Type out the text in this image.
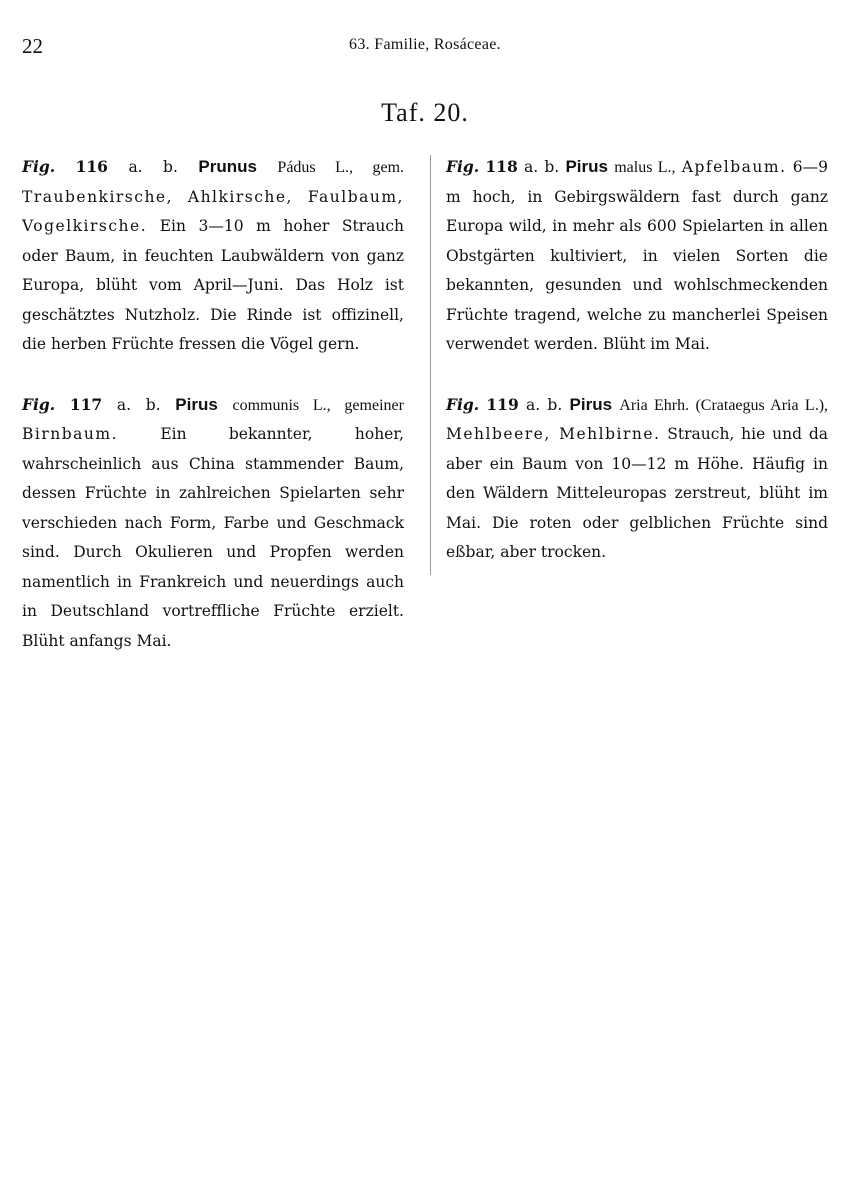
22	63. Familie, Rosáceae.
Taf. 20.

Fig. 116 a. b. Prunus Pádus L., gem. Traubenkirsche, Ahlkirsche, Faulbaum, Vogelkirsche. Ein 3—10 m hoher Strauch oder Baum, in feuchten Laubwäldern von ganz Europa, blüht vom April—Juni. Das Holz ist geschätztes Nutzholz. Die Rinde ist offizinell, die herben Früchte fressen die Vögel gern.

Fig. 117 a. b. Pirus communis L., gemeiner Birnbaum.	Ein bekannter, hoher, wahrscheinlich aus China stammender Baum, dessen Früchte in zahlreichen Spielarten sehr verschieden nach Form, Farbe und Geschmack sind. Durch Okulieren und Propfen werden namentlich in Frankreich und neuerdings auch in Deutschland vortreffliche Früchte erzielt. Blüht anfangs Mai.

Fig. 118 a. b. Pirus malus L., Apfelbaum. 6—9 m hoch, in Gebirgswäldern fast durch ganz Europa wild, in mehr als 600 Spielarten in allen Obstgärten kultiviert, in vielen Sorten die bekannten, gesunden und wohlschmeckenden Früchte tragend, welche zu mancherlei Speisen verwendet werden. Blüht im Mai.

Fig. 119 a. b. Pirus Aria Ehrh. (Crataegus Aria L.), Mehlbeere, Mehlbirne. Strauch, hie und da aber ein Baum von 10—12 m Höhe. Häufig in den Wäldern Mitteleuropas zerstreut, blüht im Mai. Die roten oder gelblichen Früchte sind eßbar, aber trocken.
